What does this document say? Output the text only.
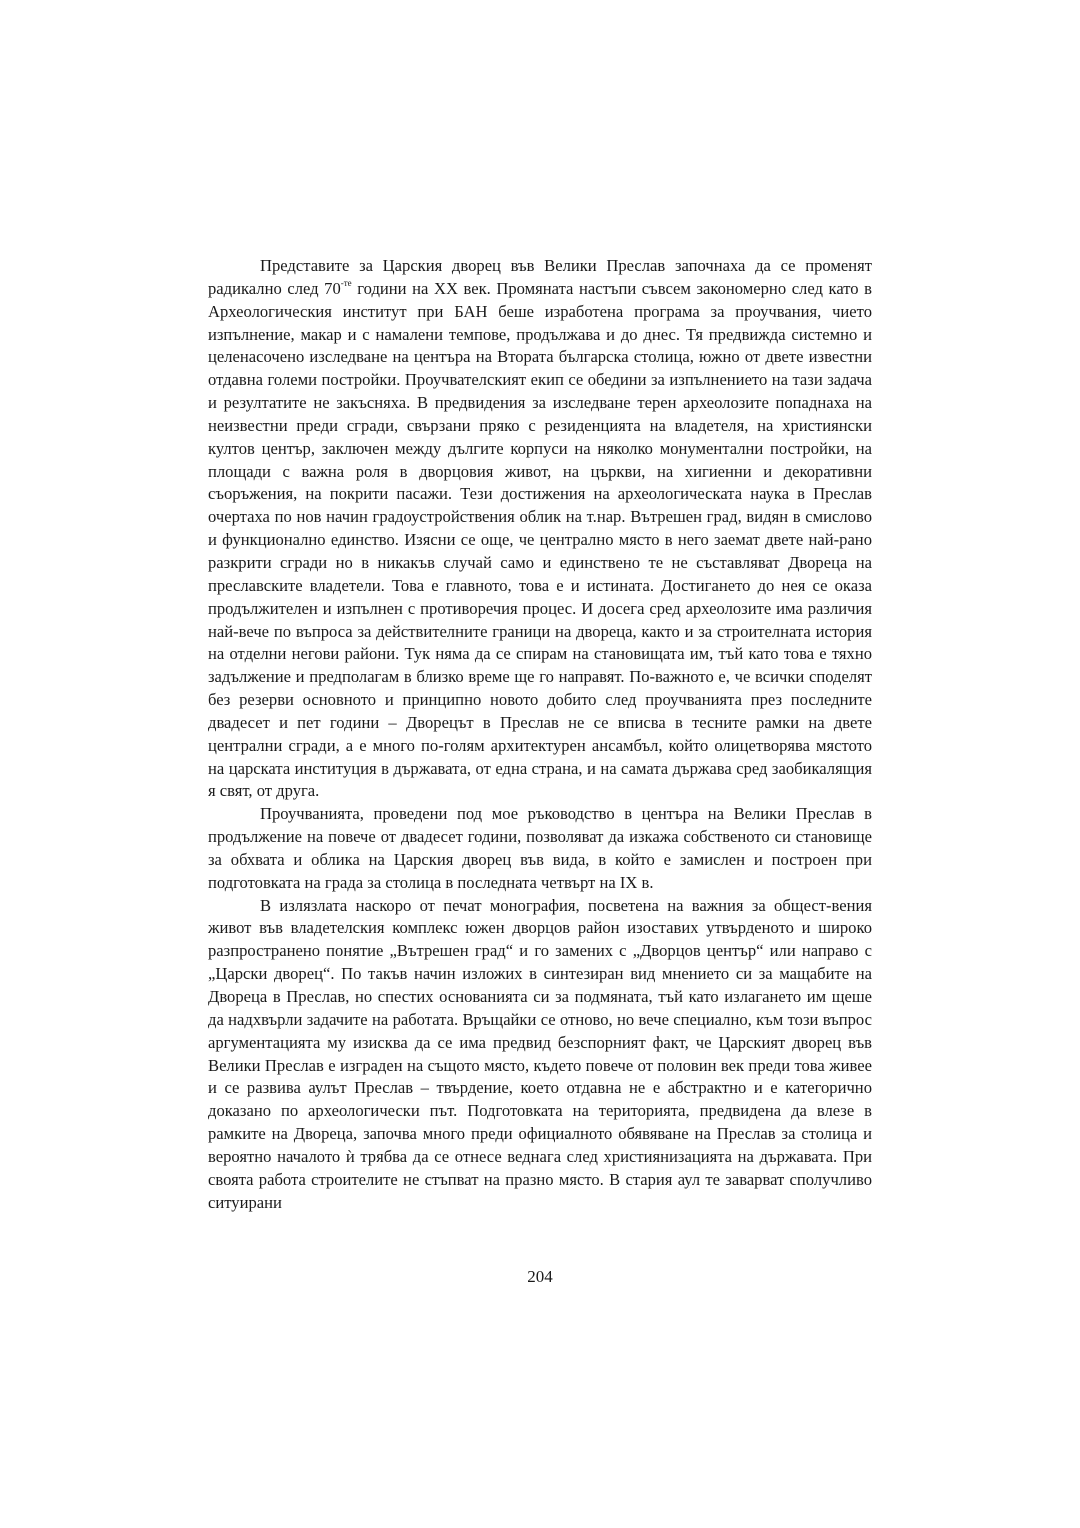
Представите за Царския дворец във Велики Преслав започнаха да се променят радикално след $70^{-те}$ години на XX век. Промяната настъпи съвсем закономерно след като в Археологическия институт при БАН беше изработена програма за проучвания, чието изпълнение, макар и с намалени темпове, продължава и до днес. Тя предвижда системно и целенасочено изследване на центъра на Втората българска столица, южно от двете известни отдавна големи постройки. Проучвателският екип се обедини за изпълнението на тази задача и резултатите не закъсняха. В предвидения за изследване терен археолозите попаднаха на неизвестни преди сгради, свързани пряко с резиденцията на владетеля, на християнски култов център, заключен между дългите корпуси на няколко монументални постройки, на площади с важна роля в дворцовия живот, на църкви, на хигиенни и декоративни съоръжения, на покрити пасажи. Тези достижения на археологическата наука в Преслав очертаха по нов начин градоустройствения облик на т.нар. Вътрешен град, видян в смислово и функционално единство. Изясни се още, че централно място в него заемат двете най-рано разкрити сгради но в никакъв случай само и единствено те не съставляват Двореца на преславските владетели. Това е главното, това е и истината. Достигането до нея се оказа продължителен и изпълнен с противоречия процес. И досега сред археолозите има различия най-вече по въпроса за действителните граници на двореца, както и за строителната история на отделни негови райони. Тук няма да се спирам на становищата им, тъй като това е тяхно задължение и предполагам в близко време ще го направят. По-важното е, че всички споделят без резерви основното и принципно новото добито след проучванията през последните двадесет и пет години – Дворецът в Преслав не се вписва в тесните рамки на двете централни сгради, а е много по-голям архитектурен ансамбъл, който олицетворява мястото на царската институция в държавата, от една страна, и на самата държава сред заобикалящия я свят, от друга.

Проучванията, проведени под мое ръководство в центъра на Велики Преслав в продължение на повече от двадесет години, позволяват да изкажа собственото си становище за обхвата и облика на Царския дворец във вида, в който е замислен и построен при подготовката на града за столица в последната четвърт на IX в.

В излязлата наскоро от печат монография, посветена на важния за общест-вения живот във владетелския комплекс южен дворцов район изоставих утвърденото и широко разпространено понятие „Вътрешен град“ и го замених с „Дворцов център“ или направо с „Царски дворец“. По такъв начин изложих в синтезиран вид мнението си за мащабите на Двореца в Преслав, но спестих основанията си за подмяната, тъй като излагането им щеше да надхвърли задачите на работата. Връщайки се отново, но вече специално, към този въпрос аргументацията му изисква да се има предвид безспорният факт, че Царският дворец във Велики Преслав е изграден на същото място, където повече от половин век преди това живее и се развива аулът Преслав – твърдение, което отдавна не е абстрактно и е категорично доказано по археологически път. Подготовката на територията, предвидена да влезе в рамките на Двореца, започва много преди официалното обявяване на Преслав за столица и вероятно началото ѝ трябва да се отнесе веднага след християнизацията на държавата. При своята работа строителите не стъпват на празно място. В стария аул те заварват сполучливо ситуирани

204
